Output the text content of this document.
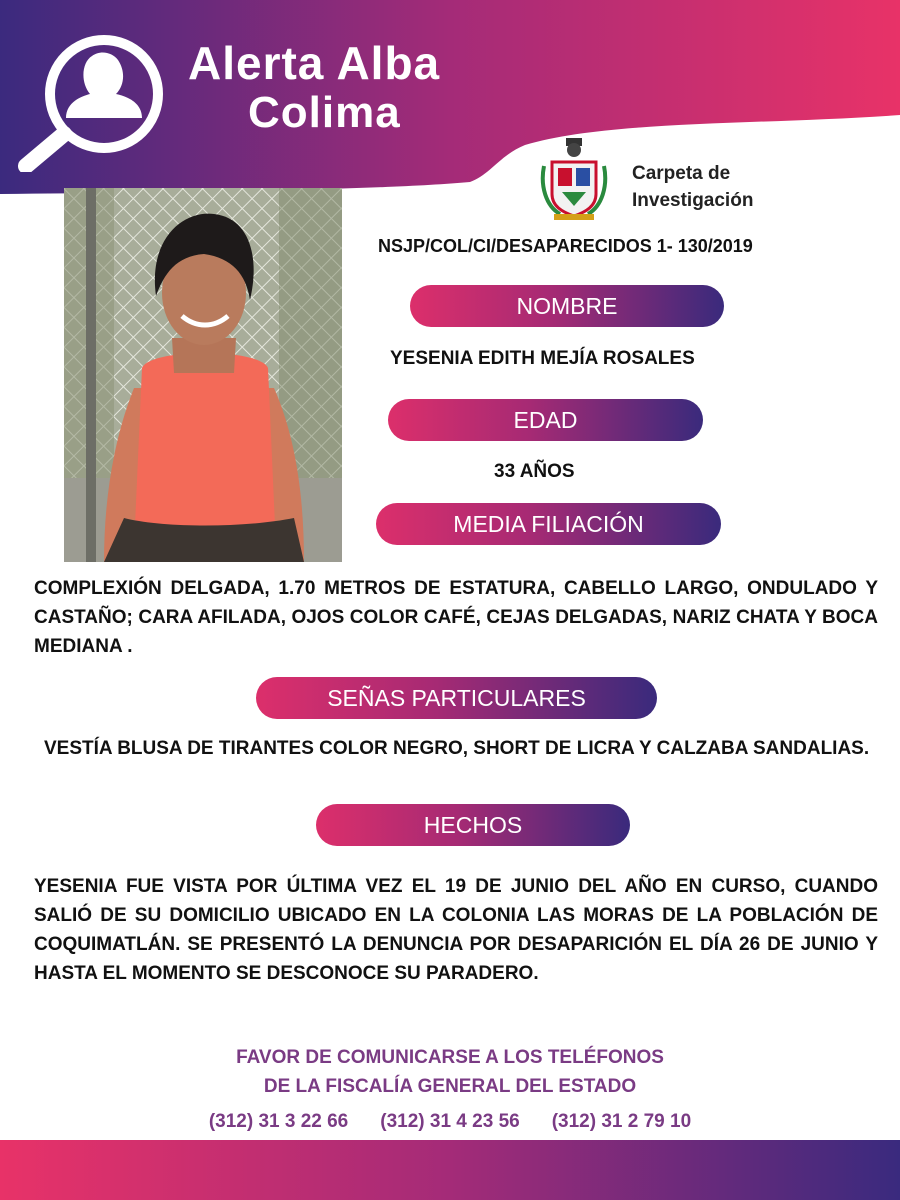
Alerta Alba
Colima
Carpeta de
Investigación
NSJP/COL/CI/DESAPARECIDOS 1- 130/2019
NOMBRE
YESENIA EDITH MEJÍA ROSALES
EDAD
33 AÑOS
MEDIA FILIACIÓN
COMPLEXIÓN DELGADA, 1.70 METROS DE ESTATURA, CABELLO LARGO, ONDULADO Y CASTAÑO; CARA AFILADA, OJOS COLOR CAFÉ, CEJAS DELGADAS, NARIZ CHATA Y BOCA MEDIANA .
SEÑAS PARTICULARES
VESTÍA BLUSA DE TIRANTES COLOR NEGRO, SHORT DE LICRA Y CALZABA SANDALIAS.
HECHOS
YESENIA FUE VISTA POR ÚLTIMA VEZ EL 19 DE JUNIO DEL AÑO EN CURSO, CUANDO SALIÓ DE SU DOMICILIO UBICADO EN LA COLONIA LAS MORAS DE LA POBLACIÓN DE COQUIMATLÁN. SE PRESENTÓ LA DENUNCIA POR DESAPARICIÓN EL DÍA 26 DE JUNIO Y HASTA EL MOMENTO SE DESCONOCE SU PARADERO.
FAVOR DE COMUNICARSE A LOS TELÉFONOS
DE LA FISCALÍA GENERAL DEL ESTADO
(312) 31 3 22 66 (312) 31 4 23 56 (312) 31 2 79 10
